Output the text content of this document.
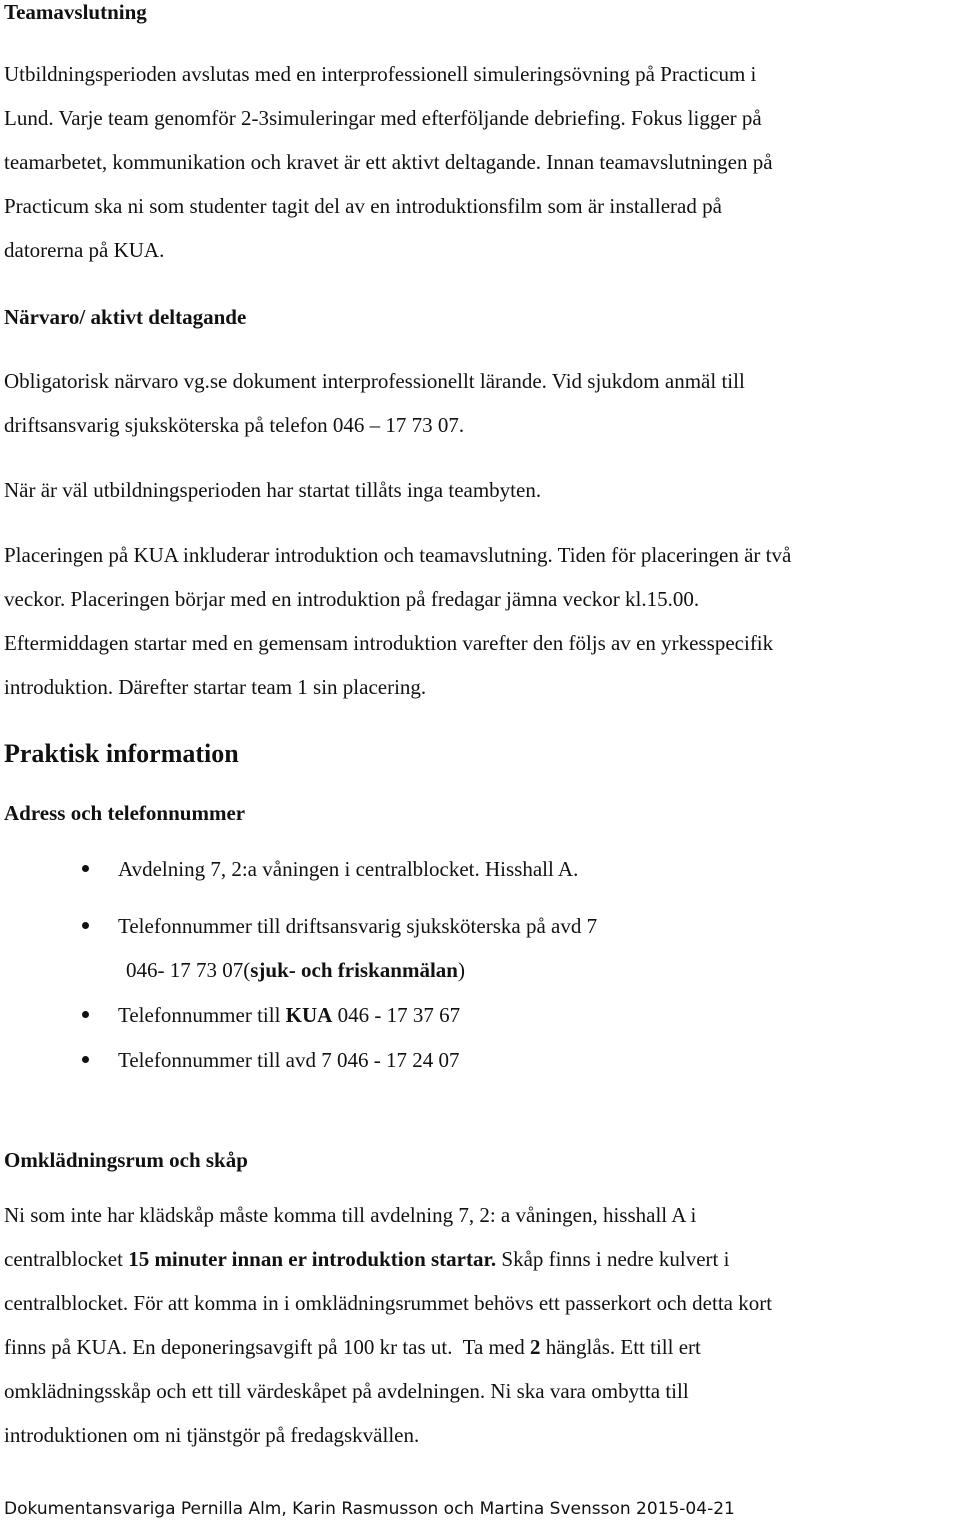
Teamavslutning
Utbildningsperioden avslutas med en interprofessionell simuleringsövning på Practicum i
Lund. Varje team genomför 2-3simuleringar med efterföljande debriefing. Fokus ligger på
teamarbetet, kommunikation och kravet är ett aktivt deltagande. Innan teamavslutningen på
Practicum ska ni som studenter tagit del av en introduktionsfilm som är installerad på
datorerna på KUA.
Närvaro/ aktivt deltagande
Obligatorisk närvaro vg.se dokument interprofessionellt lärande. Vid sjukdom anmäl till
driftsansvarig sjuksköterska på telefon 046 – 17 73 07.
När är väl utbildningsperioden har startat tillåts inga teambyten.
Placeringen på KUA inkluderar introduktion och teamavslutning. Tiden för placeringen är två
veckor. Placeringen börjar med en introduktion på fredagar jämna veckor kl.15.00.
Eftermiddagen startar med en gemensam introduktion varefter den följs av en yrkesspecifik
introduktion. Därefter startar team 1 sin placering.
Praktisk information
Adress och telefonnummer
Avdelning 7, 2:a våningen i centralblocket. Hisshall A.
Telefonnummer till driftsansvarig sjuksköterska på avd 7
046- 17 73 07(sjuk- och friskanmälan)
Telefonnummer till KUA 046 - 17 37 67
Telefonnummer till avd 7 046 - 17 24 07
Omklädningsrum och skåp
Ni som inte har klädskåp måste komma till avdelning 7, 2: a våningen, hisshall A i
centralblocket 15 minuter innan er introduktion startar. Skåp finns i nedre kulvert i
centralblocket. För att komma in i omklädningsrummet behövs ett passerkort och detta kort
finns på KUA. En deponeringsavgift på 100 kr tas ut.  Ta med 2 hänglås. Ett till ert
omklädningsskåp och ett till värdeskåpet på avdelningen. Ni ska vara ombytta till
introduktionen om ni tjänstgör på fredagskvällen.
Dokumentansvariga Pernilla Alm, Karin Rasmusson och Martina Svensson 2015-04-21
